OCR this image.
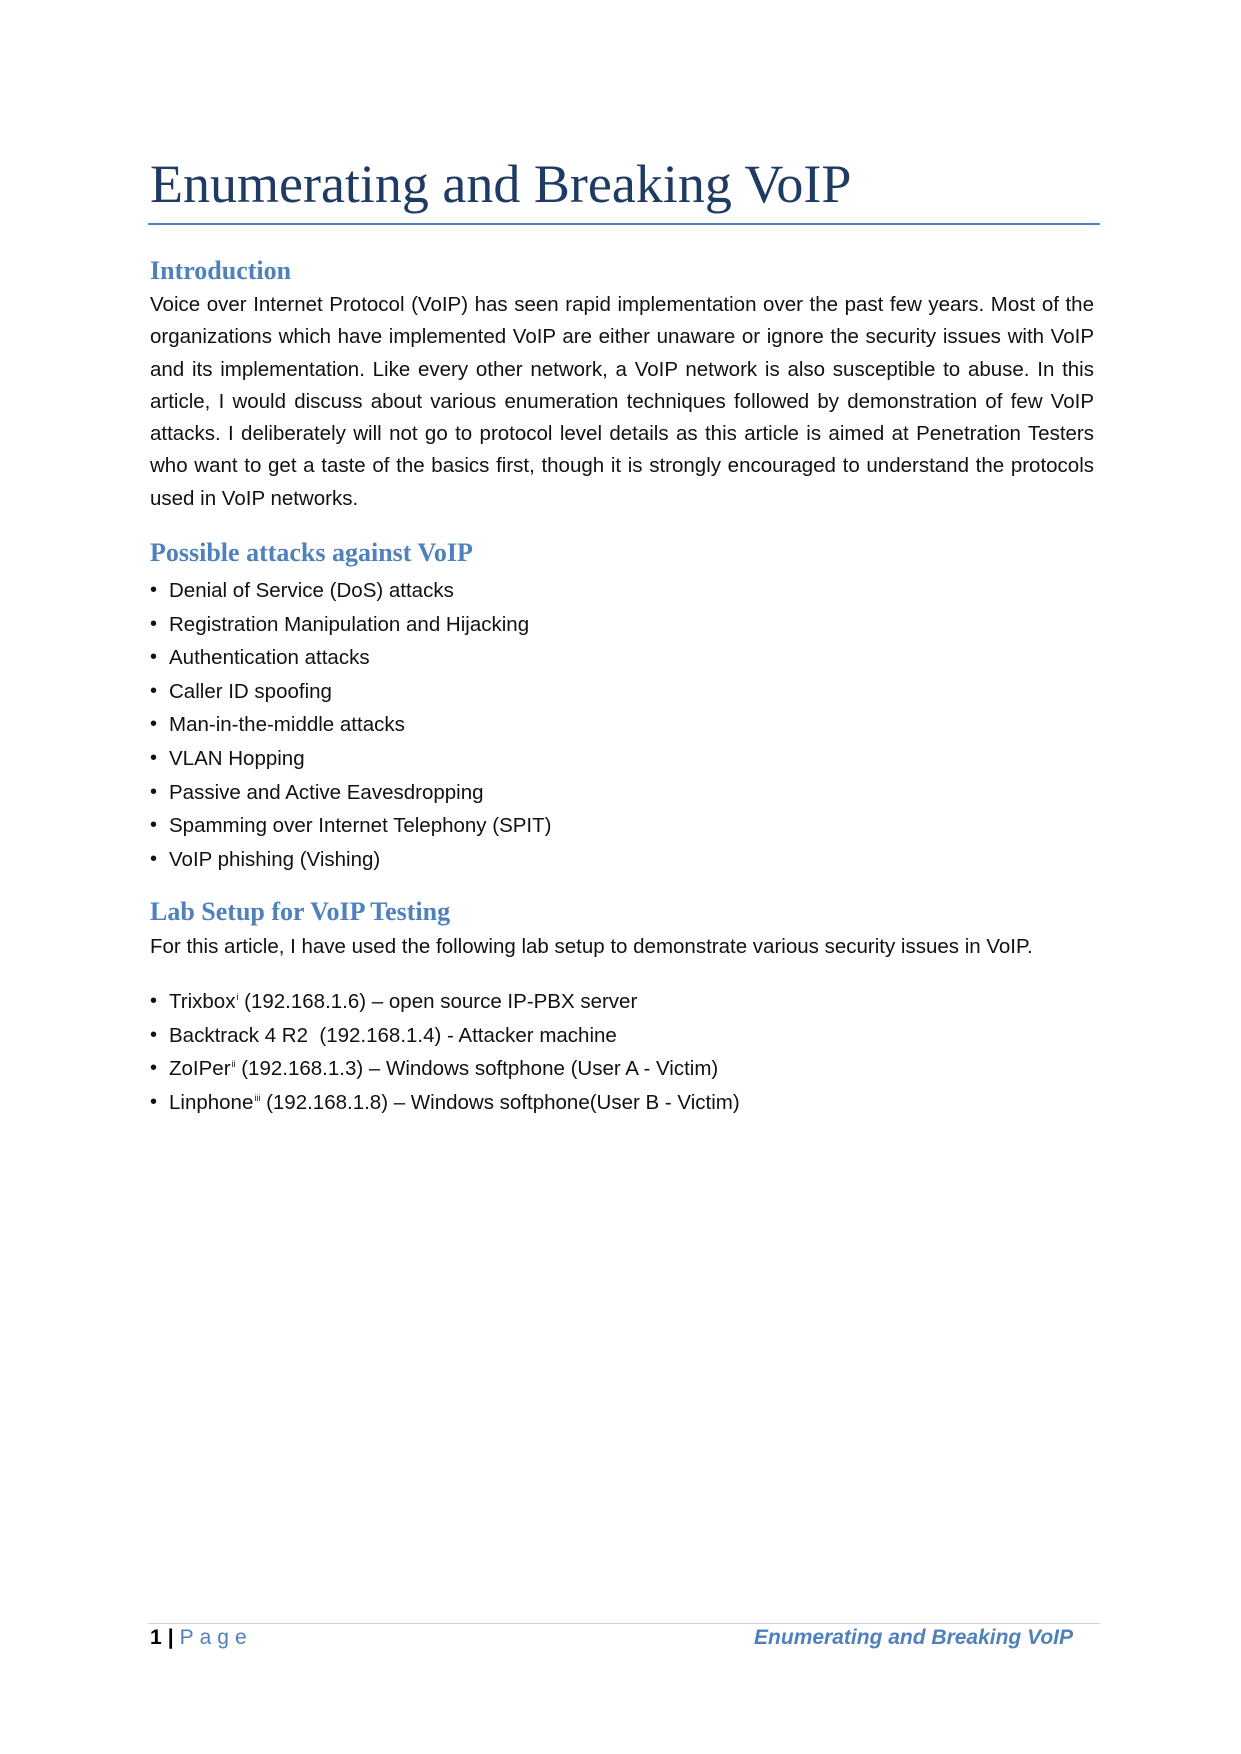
Enumerating and Breaking VoIP
Introduction

Voice over Internet Protocol (VoIP) has seen rapid implementation over the past few years. Most of the organizations which have implemented VoIP are either unaware or ignore the security issues with VoIP and its implementation. Like every other network, a VoIP network is also susceptible to abuse. In this article, I would discuss about various enumeration techniques followed by demonstration of few VoIP attacks. I deliberately will not go to protocol level details as this article is aimed at Penetration Testers who want to get a taste of the basics first, though it is strongly encouraged to understand the protocols used in VoIP networks.

Possible attacks against VoIP
• Denial of Service (DoS) attacks
• Registration Manipulation and Hijacking
• Authentication attacks
• Caller ID spoofing
• Man-in-the-middle attacks
• VLAN Hopping
• Passive and Active Eavesdropping
• Spamming over Internet Telephony (SPIT)
• VoIP phishing (Vishing)
Lab Setup for VoIP Testing

For this article, I have used the following lab setup to demonstrate various security issues in VoIP.

• Trixbox$^i$ (192.168.1.6) – open source IP-PBX server
• Backtrack 4 R2  (192.168.1.4) - Attacker machine
• ZoIPer$^{ii}$ (192.168.1.3) – Windows softphone (User A - Victim)
• Linphone$^{iii}$ (192.168.1.8) – Windows softphone(User B - Victim)
1 | Page	Enumerating and Breaking VoIP
